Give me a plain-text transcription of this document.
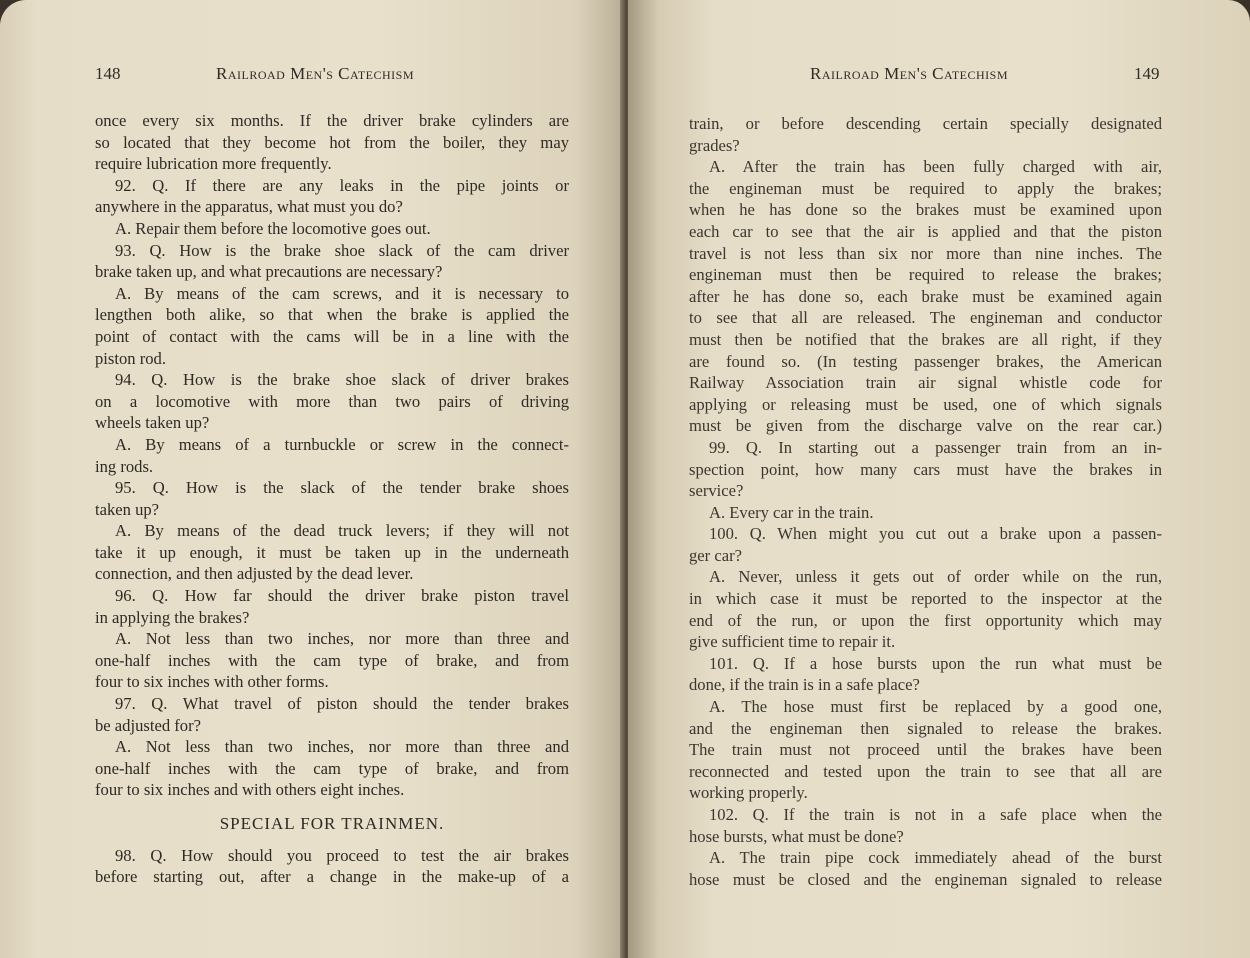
148	Railroad Men's Catechism

once every six months. If the driver brake cylinders are

so located that they become hot from the boiler, they may

require lubrication more frequently.

92. Q. If there are any leaks in the pipe joints or

anywhere in the apparatus, what must you do?

A. Repair them before the locomotive goes out.

93. Q. How is the brake shoe slack of the cam driver

brake taken up, and what precautions are necessary?

A. By means of the cam screws, and it is necessary to

lengthen both alike, so that when the brake is applied the

point of contact with the cams will be in a line with the

piston rod.

94. Q. How is the brake shoe slack of driver brakes

on a locomotive with more than two pairs of driving

wheels taken up?

A. By means of a turnbuckle or screw in the connect-

ing rods.

95. Q. How is the slack of the tender brake shoes

taken up?

A. By means of the dead truck levers; if they will not

take it up enough, it must be taken up in the underneath

connection, and then adjusted by the dead lever.

96. Q. How far should the driver brake piston travel

in applying the brakes?

A. Not less than two inches, nor more than three and

one-half inches with the cam type of brake, and from

four to six inches with other forms.

97. Q. What travel of piston should the tender brakes

be adjusted for?

A. Not less than two inches, nor more than three and

one-half inches with the cam type of brake, and from

four to six inches and with others eight inches.

SPECIAL FOR TRAINMEN.

98. Q. How should you proceed to test the air brakes

before starting out, after a change in the make-up of a

Railroad Men's Catechism	149

train, or before descending certain specially designated

grades?

A. After the train has been fully charged with air,

the engineman must be required to apply the brakes;

when he has done so the brakes must be examined upon

each car to see that the air is applied and that the piston

travel is not less than six nor more than nine inches. The

engineman must then be required to release the brakes;

after he has done so, each brake must be examined again

to see that all are released. The engineman and conductor

must then be notified that the brakes are all right, if they

are found so. (In testing passenger brakes, the American

Railway Association train air signal whistle code for

applying or releasing must be used, one of which signals

must be given from the discharge valve on the rear car.)

99. Q. In starting out a passenger train from an in-

spection point, how many cars must have the brakes in

service?

A. Every car in the train.

100. Q. When might you cut out a brake upon a passen-

ger car?

A. Never, unless it gets out of order while on the run,

in which case it must be reported to the inspector at the

end of the run, or upon the first opportunity which may

give sufficient time to repair it.

101. Q. If a hose bursts upon the run what must be

done, if the train is in a safe place?

A. The hose must first be replaced by a good one,

and the engineman then signaled to release the brakes.

The train must not proceed until the brakes have been

reconnected and tested upon the train to see that all are

working properly.

102. Q. If the train is not in a safe place when the

hose bursts, what must be done?

A. The train pipe cock immediately ahead of the burst

hose must be closed and the engineman signaled to release
